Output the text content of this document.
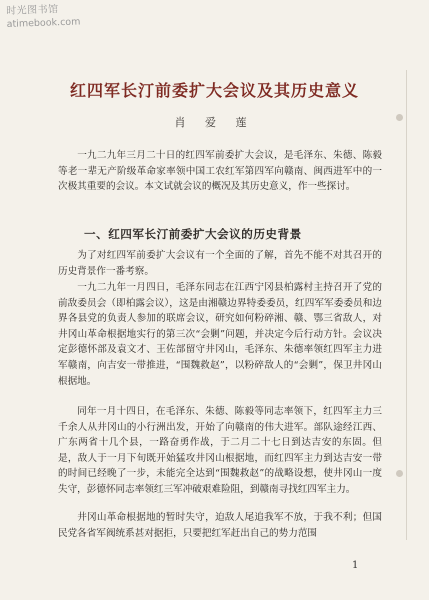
时光图书馆
atimebook.com
红四军长汀前委扩大会议及其历史意义
肖 爱 莲

一九二九年三月二十日的红四军前委扩大会议，是毛泽东、朱德、陈毅等老一辈无产阶级革命家率领中国工农红军第四军向赣南、闽西进军中的一次极其重要的会议。本文试就会议的概况及其历史意义，作一些探讨。

一、红四军长汀前委扩大会议的历史背景

为了对红四军前委扩大会议有一个全面的了解，首先不能不对其召开的历史背景作一番考察。

一九二九年一月四日，毛泽东同志在江西宁冈县柏露村主持召开了党的前敌委员会（即柏露会议），这是由湘赣边界特委委员，红四军军委委员和边界各县党的负责人参加的联席会议，研究如何粉碎湘、赣、鄂三省敌人，对井冈山革命根据地实行的第三次“会剿”问题，并决定今后行动方针。会议决定彭德怀部及袁文才、王佐部留守井冈山，毛泽东、朱德率领红四军主力进军赣南，向吉安一带推进，“围魏救赵”，以粉碎敌人的“会剿”，保卫井冈山根据地。

同年一月十四日，在毛泽东、朱德、陈毅等同志率领下，红四军主力三千余人从井冈山的小行洲出发，开始了向赣南的伟大进军。部队途经江西、广东两省十几个县，一路奋勇作战，于二月二十七日到达吉安的东固。但是，敌人于一月下旬既开始猛攻井冈山根据地，而红四军主力到达吉安一带的时间已经晚了一步，未能完全达到“围魏救赵”的战略设想，使井冈山一度失守，彭德怀同志率领红三军冲破艰难险阻，到赣南寻找红四军主力。

井冈山革命根据地的暂时失守，迫敌人尾追我军不放，于我不利；但国民党各省军阀统系甚对据拒，只要把红军赶出自己的势力范围

1
